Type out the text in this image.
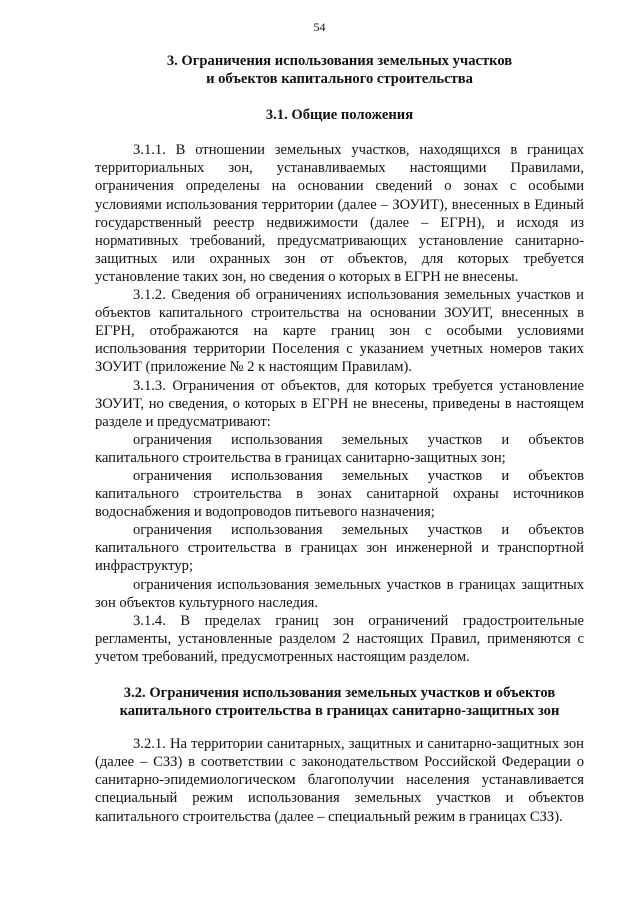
54
3. Ограничения использования земельных участков
и объектов капитального строительства
3.1. Общие положения

3.1.1. В отношении земельных участков, находящихся в границах территориальных зон, устанавливаемых настоящими Правилами, ограничения определены на основании сведений о зонах с особыми условиями использования территории (далее – ЗОУИТ), внесенных в Единый государственный реестр недвижимости (далее – ЕГРН), и исходя из нормативных требований, предусматривающих установление санитарно-защитных или охранных зон от объектов, для которых требуется установление таких зон, но сведения о которых в ЕГРН не внесены.

3.1.2. Сведения об ограничениях использования земельных участков и объектов капитального строительства на основании ЗОУИТ, внесенных в ЕГРН, отображаются на карте границ зон с особыми условиями использования территории Поселения с указанием учетных номеров таких ЗОУИТ (приложение № 2 к настоящим Правилам).

3.1.3. Ограничения от объектов, для которых требуется установление ЗОУИТ, но сведения, о которых в ЕГРН не внесены, приведены в настоящем разделе и предусматривают:

ограничения использования земельных участков и объектов капитального строительства в границах санитарно-защитных зон;

ограничения использования земельных участков и объектов капитального строительства в зонах санитарной охраны источников водоснабжения и водопроводов питьевого назначения;

ограничения использования земельных участков и объектов капитального строительства в границах зон инженерной и транспортной инфраструктур;

ограничения использования земельных участков в границах защитных зон объектов культурного наследия.

3.1.4. В пределах границ зон ограничений градостроительные регламенты, установленные разделом 2 настоящих Правил, применяются с учетом требований, предусмотренных настоящим разделом.

3.2. Ограничения использования земельных участков и объектов
капитального строительства в границах санитарно-защитных зон

3.2.1. На территории санитарных, защитных и санитарно-защитных зон (далее – СЗЗ) в соответствии с законодательством Российской Федерации о санитарно-эпидемиологическом благополучии населения устанавливается специальный режим использования земельных участков и объектов капитального строительства (далее – специальный режим в границах СЗЗ).
